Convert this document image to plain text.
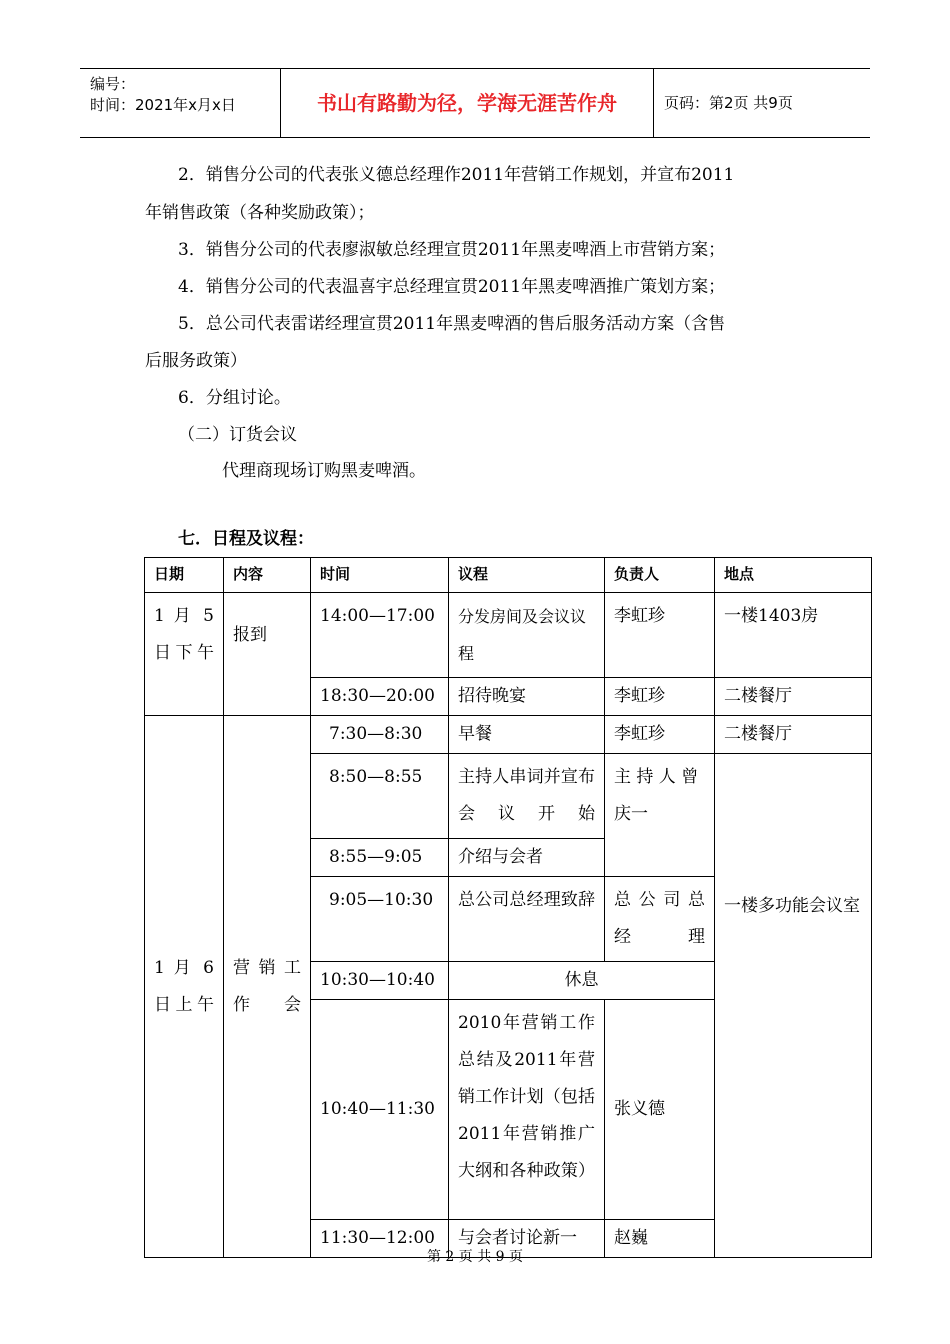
编号：
时间：2021年x月x日	书山有路勤为径，学海无涯苦作舟	页码：第2页 共9页
2．销售分公司的代表张义德总经理作2011年营销工作规划，并宣布2011
年销售政策（各种奖励政策）；
3．销售分公司的代表廖淑敏总经理宣贯2011年黑麦啤酒上市营销方案；
4．销售分公司的代表温喜宇总经理宣贯2011年黑麦啤酒推广策划方案；
5．总公司代表雷诺经理宣贯2011年黑麦啤酒的售后服务活动方案（含售
后服务政策）
6．分组讨论。
（二）订货会议
代理商现场订购黑麦啤酒。
七．日程及议程：
日期	内容	时间	议程	负责人	地点
1 月 5 日下午	报到	14:00—17:00	分发房间及会议议程	李虹珍	一楼1403房
		18:30—20:00	招待晚宴	李虹珍	二楼餐厅
1 月 6 日上午	营 销 工 作会	7:30—8:30	早餐	李虹珍	二楼餐厅
		8:50—8:55	主持人串词并宣布会议开始	主 持 人 曾庆一	一楼多功能会议室
		8:55—9:05	介绍与会者		
		9:05—10:30	总公司总经理致辞	总 公 司 总经理	
		10:30—10:40	休息		
		10:40—11:30	2010年营销工作总结及2011年营销工作计划（包括2011年营销推广大纲和各种政策）	张义德	
		11:30—12:00	与会者讨论新一	赵巍	
第 2 页 共 9 页
